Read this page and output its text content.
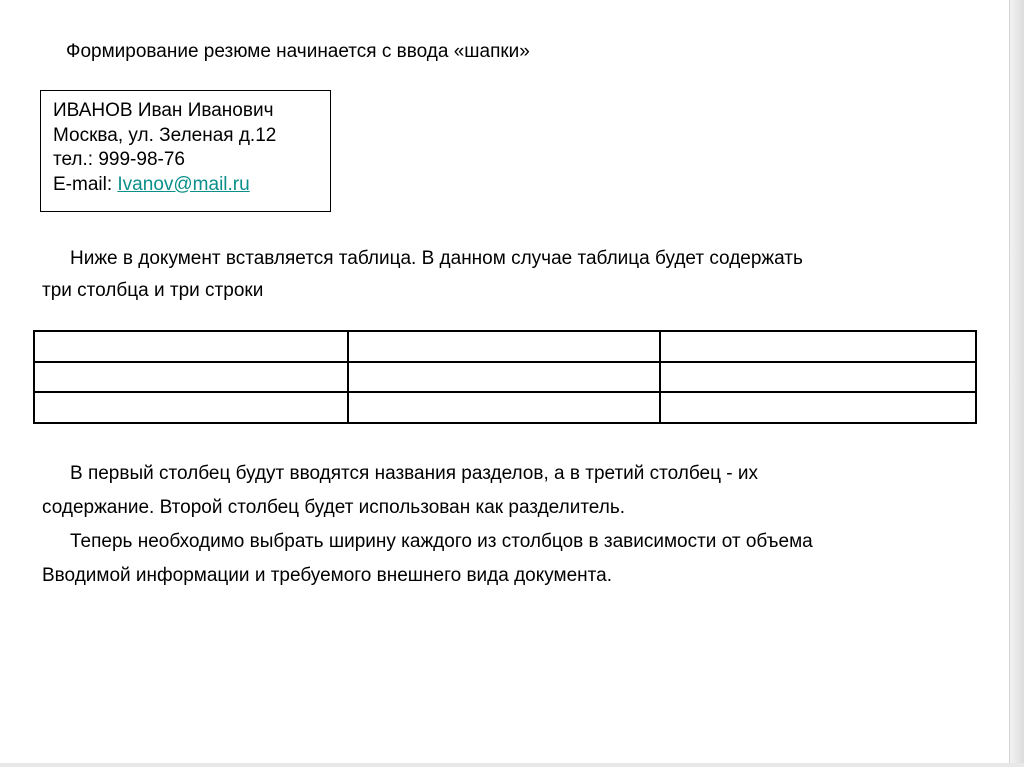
Формирование резюме начинается с ввода «шапки»
ИВАНОВ Иван Иванович
Москва, ул. Зеленая д.12
тел.: 999-98-76
E-mail: Ivanov@mail.ru
Ниже в документ вставляется таблица. В данном случае таблица будет содержать
три столбца и три строки

В первый столбец будут вводятся названия разделов, а в третий столбец - их
содержание. Второй столбец будет использован как разделитель.
Теперь необходимо выбрать ширину каждого из столбцов в зависимости от объема
Вводимой информации и требуемого внешнего вида документа.
